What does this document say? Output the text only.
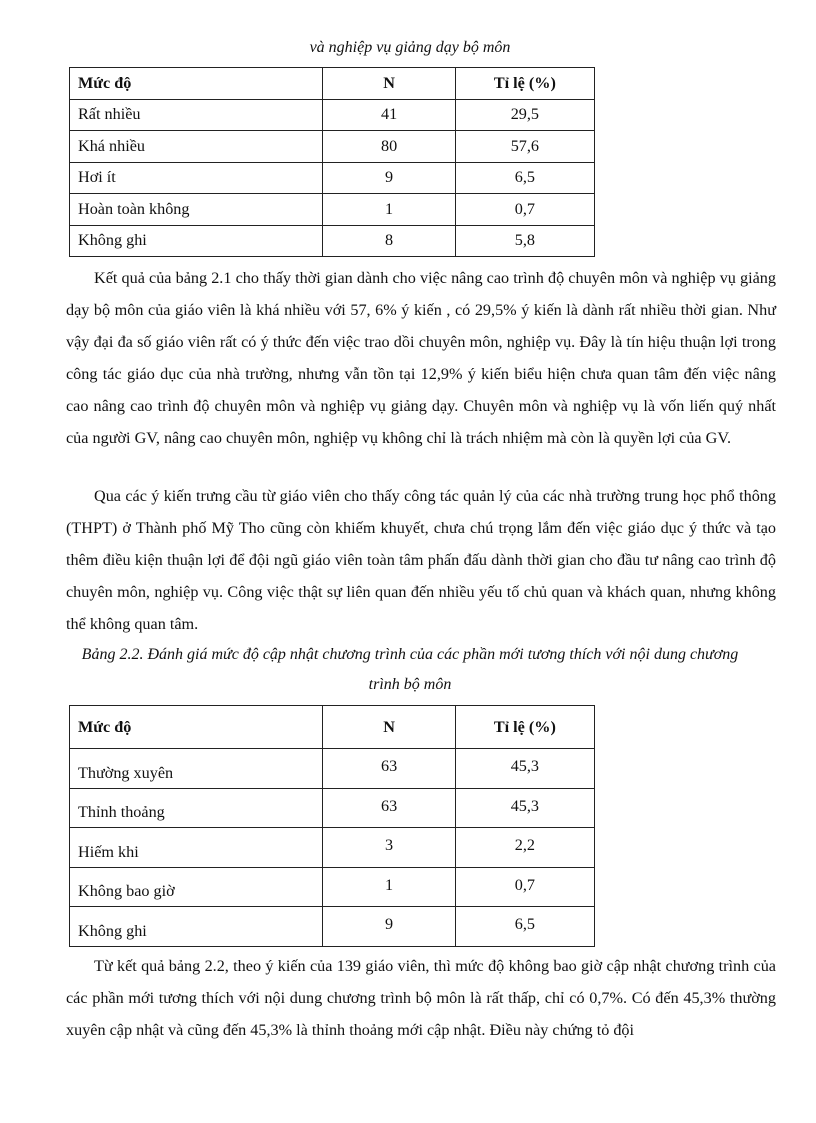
và nghiệp vụ giảng dạy bộ môn
Mức độ	N	Tỉ lệ (%)
Rất nhiều	41	29,5
Khá nhiều	80	57,6
Hơi ít	9	6,5
Hoàn toàn không	1	0,7
Không ghi	8	5,8

Kết quả của bảng 2.1 cho thấy thời gian dành cho việc nâng cao trình độ chuyên môn và nghiệp vụ giảng dạy bộ môn của giáo viên là khá nhiều với 57, 6% ý kiến , có 29,5% ý kiến là dành rất nhiều thời gian. Như vậy đại đa số giáo viên rất có ý thức đến việc trao dồi chuyên môn, nghiệp vụ. Đây là tín hiệu thuận lợi trong công tác giáo dục của nhà trường, nhưng vẫn tồn tại 12,9% ý kiến biểu hiện chưa quan tâm đến việc nâng cao nâng cao trình độ chuyên môn và nghiệp vụ giảng dạy. Chuyên môn và nghiệp vụ là vốn liến quý nhất của người GV, nâng cao chuyên môn, nghiệp vụ không chỉ là trách nhiệm mà còn là quyền lợi của GV.

Qua các ý kiến trưng cầu từ giáo viên cho thấy công tác quản lý của các nhà trường trung học phổ thông (THPT) ở Thành phố Mỹ Tho cũng còn khiếm khuyết, chưa chú trọng lắm đến việc giáo dục ý thức và tạo thêm điều kiện thuận lợi để đội ngũ giáo viên toàn tâm phấn đấu dành thời gian cho đầu tư nâng cao trình độ chuyên môn, nghiệp vụ. Công việc thật sự liên quan đến nhiều yếu tố chủ quan và khách quan, nhưng không thể không quan tâm.

Bảng 2.2. Đánh giá mức độ cập nhật chương trình của các phần mới tương thích với nội dung chương
trình bộ môn
Mức độ	N	Tỉ lệ (%)
Thường xuyên	63	45,3
Thỉnh thoảng	63	45,3
Hiếm khi	3	2,2
Không bao giờ	1	0,7
Không ghi	9	6,5

Từ kết quả bảng 2.2, theo ý kiến của 139 giáo viên, thì mức độ không bao giờ cập nhật chương trình của các phần mới tương thích với nội dung chương trình bộ môn là rất thấp, chỉ có 0,7%. Có đến 45,3% thường xuyên cập nhật và cũng đến 45,3% là thỉnh thoảng mới cập nhật. Điều này chứng tỏ đội
